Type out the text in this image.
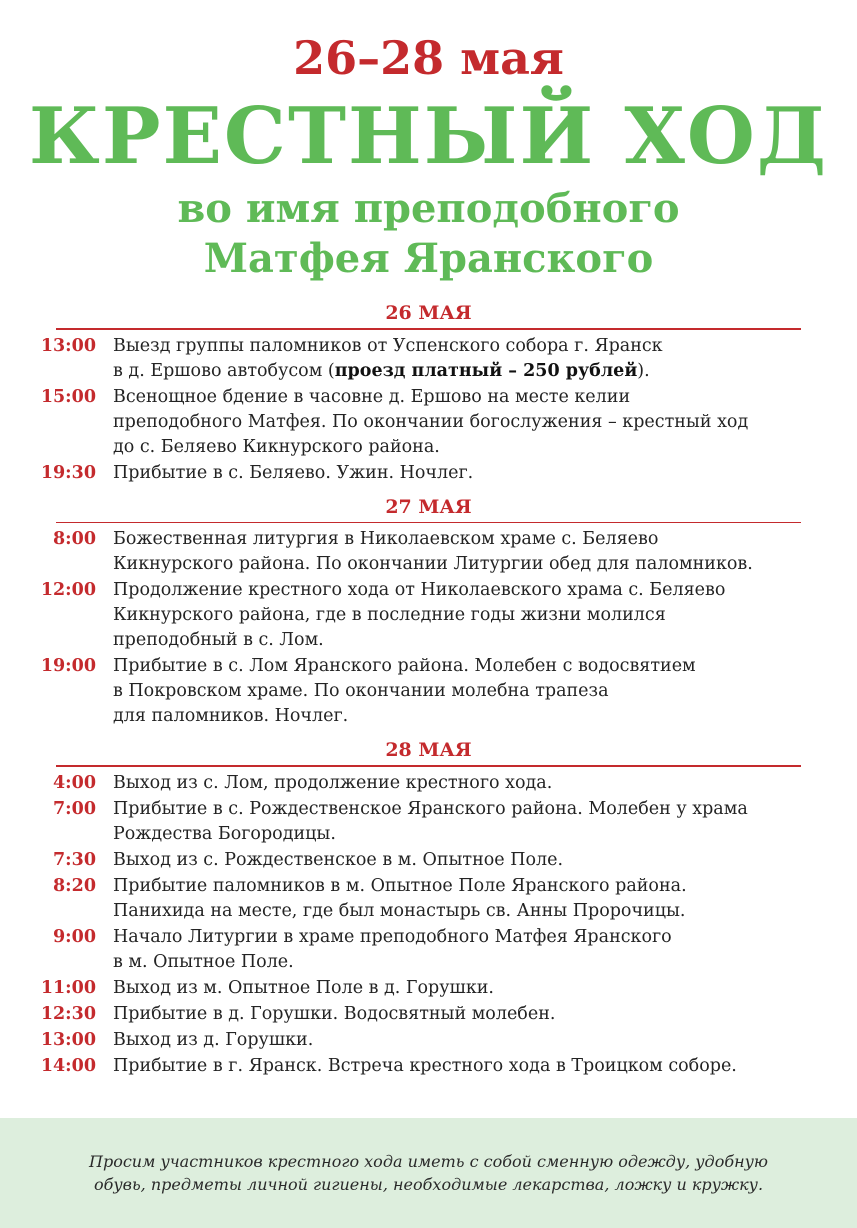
26–28 мая
КРЕСТНЫЙ ХОД
во имя преподобного
Матфея Яранского
26 МАЯ
13:00 Выезд группы паломников от Успенского собора г. Яранск
в д. Ершово автобусом (проезд платный – 250 рублей).
15:00 Всенощное бдение в часовне д. Ершово на месте келии
преподобного Матфея. По окончании богослужения – крестный ход
до с. Беляево Кикнурского района.
19:30 Прибытие в с. Беляево. Ужин. Ночлег.
27 МАЯ
8:00 Божественная литургия в Николаевском храме с. Беляево
Кикнурского района. По окончании Литургии обед для паломников.
12:00 Продолжение крестного хода от Николаевского храма с. Беляево
Кикнурского района, где в последние годы жизни молился
преподобный в с. Лом.
19:00 Прибытие в с. Лом Яранского района. Молебен с водосвятием
в Покровском храме. По окончании молебна трапеза
для паломников. Ночлег.
28 МАЯ
4:00 Выход из с. Лом, продолжение крестного хода.
7:00 Прибытие в с. Рождественское Яранского района. Молебен у храма
Рождества Богородицы.
7:30 Выход из с. Рождественское в м. Опытное Поле.
8:20 Прибытие паломников в м. Опытное Поле Яранского района.
Панихида на месте, где был монастырь св. Анны Пророчицы.
9:00 Начало Литургии в храме преподобного Матфея Яранского
в м. Опытное Поле.
11:00 Выход из м. Опытное Поле в д. Горушки.
12:30 Прибытие в д. Горушки. Водосвятный молебен.
13:00 Выход из д. Горушки.
14:00 Прибытие в г. Яранск. Встреча крестного хода в Троицком соборе.
Просим участников крестного хода иметь с собой сменную одежду, удобную
обувь, предметы личной гигиены, необходимые лекарства, ложку и кружку.
